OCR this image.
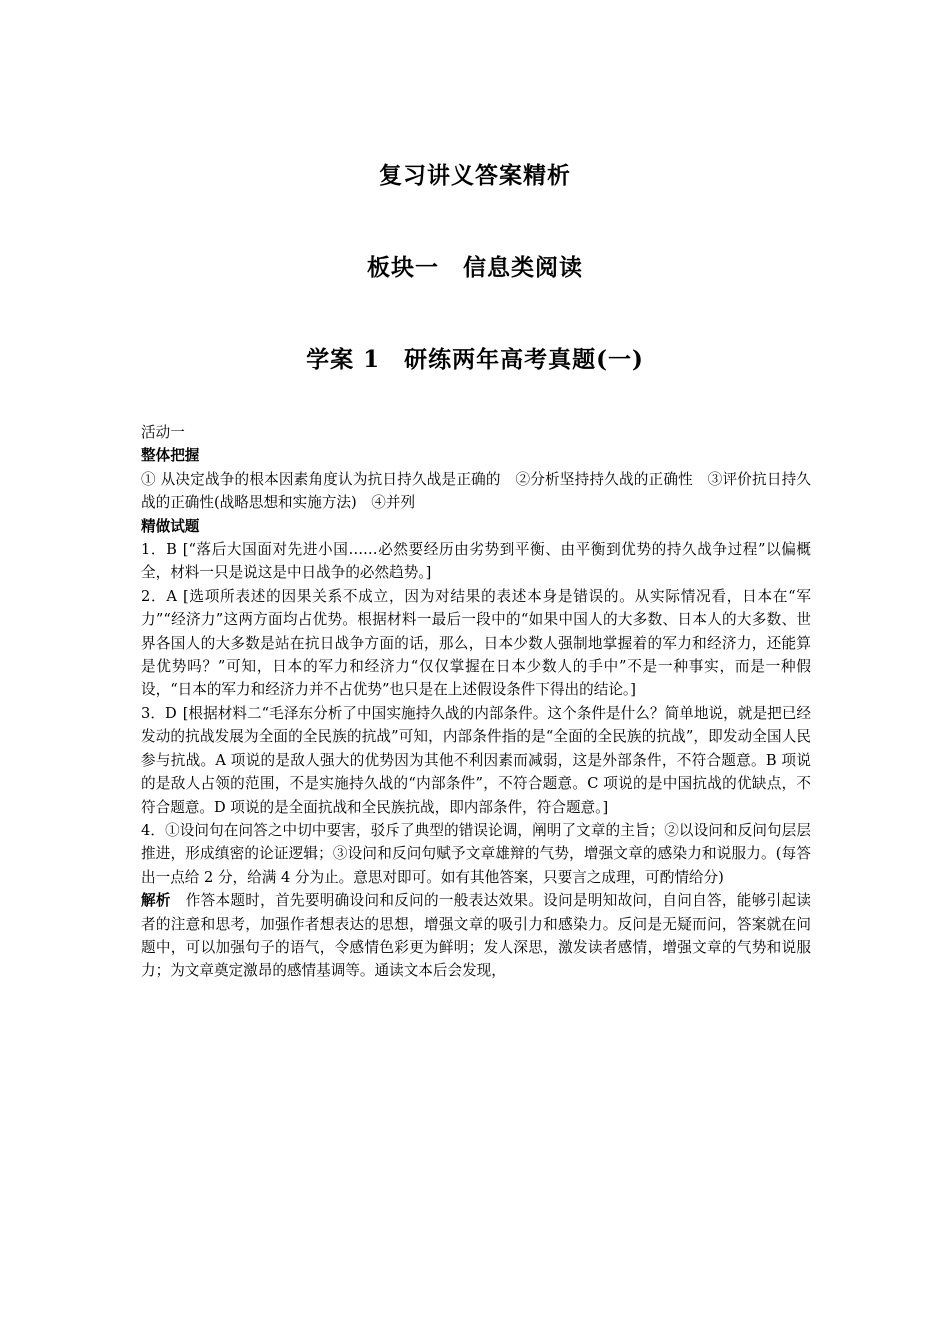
复习讲义答案精析
板块一　信息类阅读
学案 1　研练两年高考真题(一)

活动一

整体把握

① 从决定战争的根本因素角度认为抗日持久战是正确的　②分析坚持持久战的正确性　③评价抗日持久战的正确性(战略思想和实施方法)　④并列

精做试题

1．B [“落后大国面对先进小国……必然要经历由劣势到平衡、由平衡到优势的持久战争过程”以偏概全，材料一只是说这是中日战争的必然趋势。]

2．A [选项所表述的因果关系不成立，因为对结果的表述本身是错误的。从实际情况看，日本在“军力”“经济力”这两方面均占优势。根据材料一最后一段中的“如果中国人的大多数、日本人的大多数、世界各国人的大多数是站在抗日战争方面的话，那么，日本少数人强制地掌握着的军力和经济力，还能算是优势吗？”可知，日本的军力和经济力“仅仅掌握在日本少数人的手中”不是一种事实，而是一种假设，“日本的军力和经济力并不占优势”也只是在上述假设条件下得出的结论。]

3．D [根据材料二“毛泽东分析了中国实施持久战的内部条件。这个条件是什么？简单地说，就是把已经发动的抗战发展为全面的全民族的抗战”可知，内部条件指的是“全面的全民族的抗战”，即发动全国人民参与抗战。A 项说的是敌人强大的优势因为其他不利因素而减弱，这是外部条件，不符合题意。B 项说的是敌人占领的范围，不是实施持久战的“内部条件”，不符合题意。C 项说的是中国抗战的优缺点，不符合题意。D 项说的是全面抗战和全民族抗战，即内部条件，符合题意。]

4．①设问句在问答之中切中要害，驳斥了典型的错误论调，阐明了文章的主旨；②以设问和反问句层层推进，形成缜密的论证逻辑；③设问和反问句赋予文章雄辩的气势，增强文章的感染力和说服力。(每答出一点给 2 分，给满 4 分为止。意思对即可。如有其他答案，只要言之成理，可酌情给分)

解析　 作答本题时，首先要明确设问和反问的一般表达效果。设问是明知故问，自问自答，能够引起读者的注意和思考，加强作者想表达的思想，增强文章的吸引力和感染力。反问是无疑而问，答案就在问题中，可以加强句子的语气，令感情色彩更为鲜明；发人深思，激发读者感情，增强文章的气势和说服力；为文章奠定激昂的感情基调等。通读文本后会发现，
